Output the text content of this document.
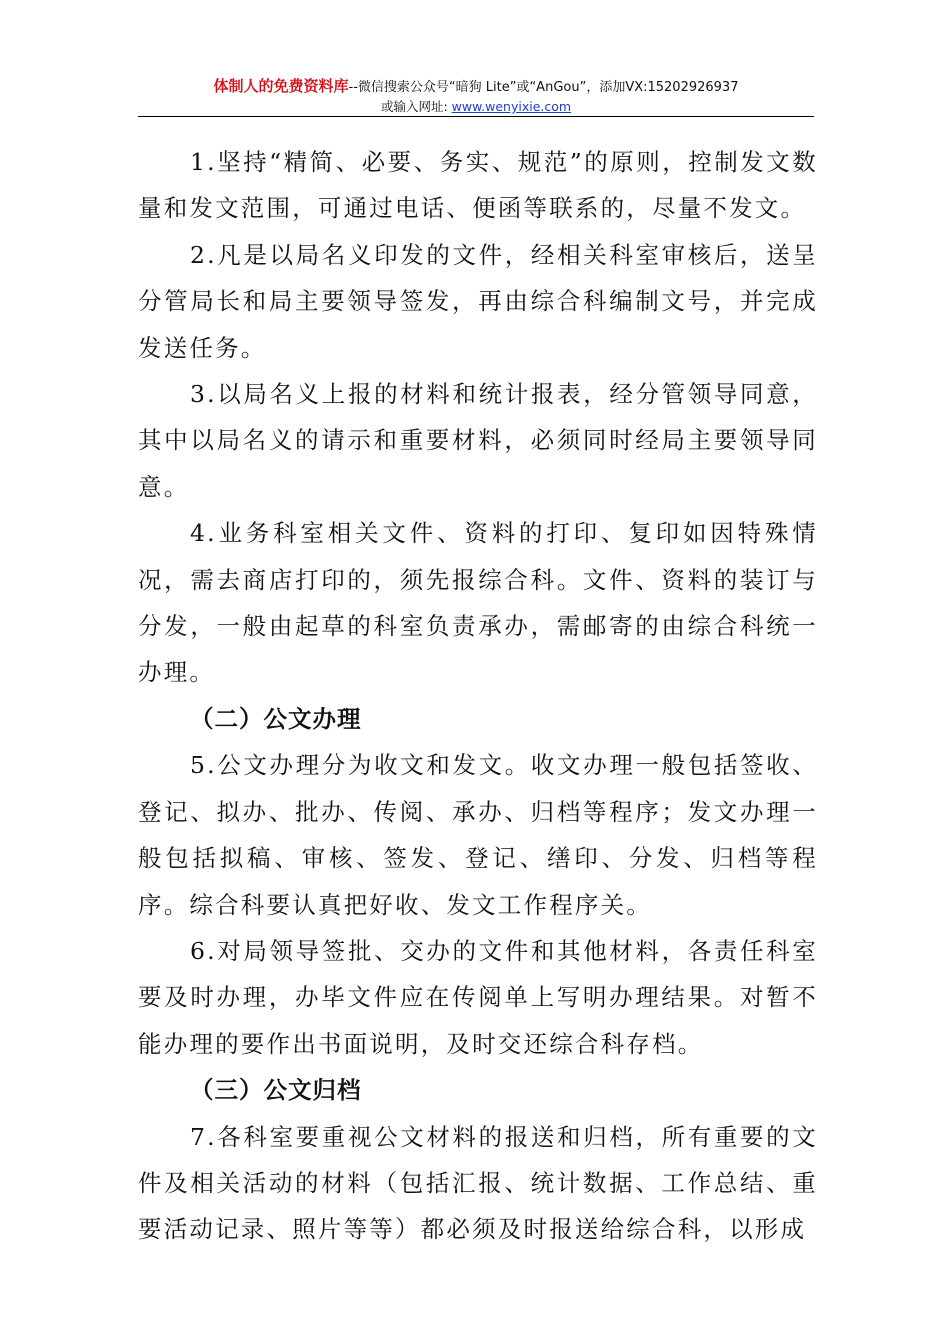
体制人的免费资料库--微信搜索公众号“暗狗 Lite”或“AnGou”，添加VX:15202926937
或输入网址: www.wenyixie.com

1.坚持“精简、必要、务实、规范”的原则，控制发文数量和发文范围，可通过电话、便函等联系的，尽量不发文。

2.凡是以局名义印发的文件，经相关科室审核后，送呈分管局长和局主要领导签发，再由综合科编制文号，并完成发送任务。

3.以局名义上报的材料和统计报表，经分管领导同意，其中以局名义的请示和重要材料，必须同时经局主要领导同意。

4.业务科室相关文件、资料的打印、复印如因特殊情况，需去商店打印的，须先报综合科。文件、资料的装订与分发，一般由起草的科室负责承办，需邮寄的由综合科统一办理。

（二）公文办理

5.公文办理分为收文和发文。收文办理一般包括签收、登记、拟办、批办、传阅、承办、归档等程序；发文办理一般包括拟稿、审核、签发、登记、缮印、分发、归档等程序。综合科要认真把好收、发文工作程序关。

6.对局领导签批、交办的文件和其他材料，各责任科室要及时办理，办毕文件应在传阅单上写明办理结果。对暂不能办理的要作出书面说明，及时交还综合科存档。

（三）公文归档

7.各科室要重视公文材料的报送和归档，所有重要的文件及相关活动的材料（包括汇报、统计数据、工作总结、重要活动记录、照片等等）都必须及时报送给综合科，以形成
